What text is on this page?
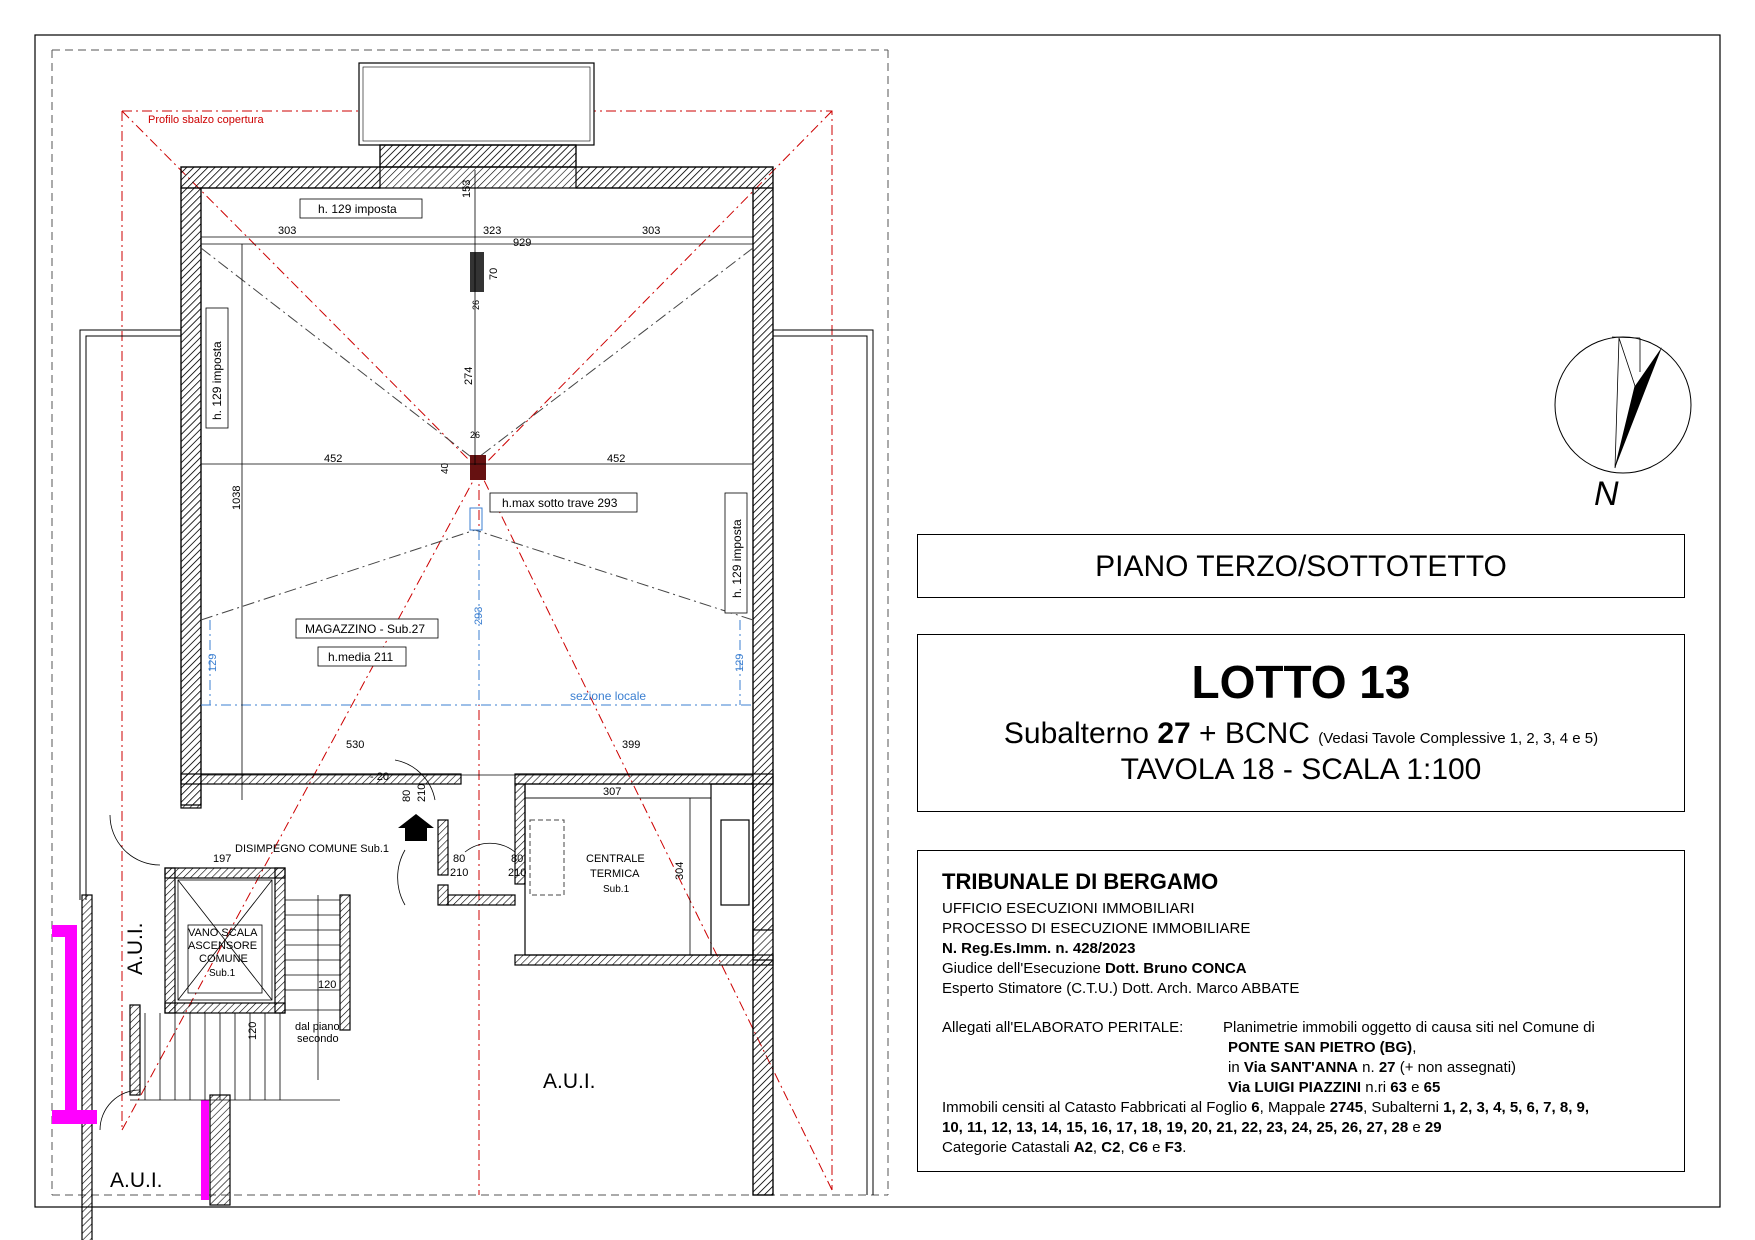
Profilo sbalzo copertura
153
303	323	303
929
70
26
274
26
452	452
40
1038
293
129	129
530	399
307
304
197
120
120
- 20
80 210
80
210
80
210
h. 129 imposta
h. 129 imposta
h.max sotto trave 293
h. 129 imposta
MAGAZZINO - Sub.27
h.media 211
sezione locale
DISIMPEGNO COMUNE Sub.1
CENTRALE
TERMICA
Sub.1
VANO SCALA
ASCENSORE
COMUNE
Sub.1
dal piano
secondo
A.U.I.
A.U.I.
A.U.I.
N
PIANO TERZO/SOTTOTETTO
LOTTO 13
Subalterno 27 + BCNC (Vedasi Tavole Complessive 1, 2, 3, 4 e 5)
TAVOLA 18 - SCALA 1:100
TRIBUNALE DI BERGAMO
UFFICIO ESECUZIONI IMMOBILIARI
PROCESSO DI ESECUZIONE IMMOBILIARE
N. Reg.Es.Imm. n. 428/2023
Giudice dell'Esecuzione Dott. Bruno CONCA
Esperto Stimatore (C.T.U.) Dott. Arch. Marco ABBATE
Allegati all'ELABORATO PERITALE:	Planimetrie immobili oggetto di causa siti nel Comune di
PONTE SAN PIETRO (BG),
in Via SANT'ANNA n. 27 (+ non assegnati)
Via LUIGI PIAZZINI n.ri 63 e 65
Immobili censiti al Catasto Fabbricati al Foglio 6, Mappale 2745, Subalterni 1, 2, 3, 4, 5, 6, 7, 8, 9,
10, 11, 12, 13, 14, 15, 16, 17, 18, 19, 20, 21, 22, 23, 24, 25, 26, 27, 28 e 29
Categorie Catastali A2, C2, C6 e F3.
